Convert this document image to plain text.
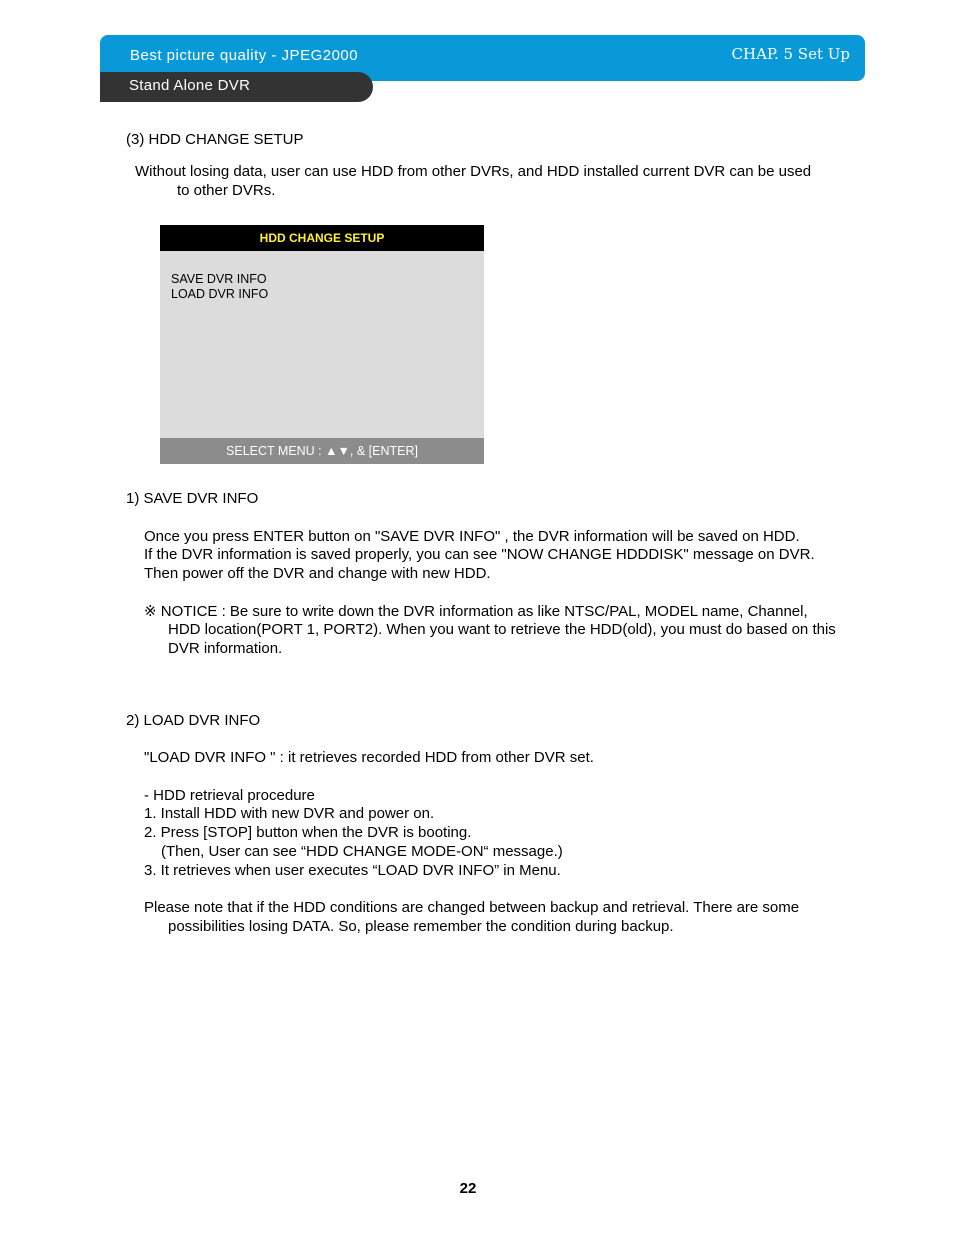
Best picture quality - JPEG2000	CHAP. 5 Set Up
Stand Alone DVR
(3) HDD CHANGE SETUP
Without losing data, user can use HDD from other DVRs, and HDD installed current DVR can be used
to other DVRs.
HDD CHANGE SETUP
SAVE DVR INFO
LOAD DVR INFO
SELECT MENU : ▲▼, & [ENTER]
1) SAVE DVR INFO
Once you press ENTER button on "SAVE DVR INFO" , the DVR information will be saved on HDD.
If the DVR information is saved properly, you can see "NOW CHANGE HDDDISK" message on DVR.
Then power off the DVR and change with new HDD.
※ NOTICE : Be sure to write down the DVR information as like NTSC/PAL, MODEL name, Channel,
HDD location(PORT 1, PORT2). When you want to retrieve the HDD(old), you must do based on this
DVR information.
2) LOAD DVR INFO
"LOAD DVR INFO " : it retrieves recorded HDD from other DVR set.
- HDD retrieval procedure
1. Install HDD with new DVR and power on.
2. Press [STOP] button when the DVR is booting.
(Then, User can see “HDD CHANGE MODE-ON“ message.)
3. It retrieves when user executes “LOAD DVR INFO” in Menu.
Please note that if the HDD conditions are changed between backup and retrieval. There are some
possibilities losing DATA. So, please remember the condition during backup.
22
